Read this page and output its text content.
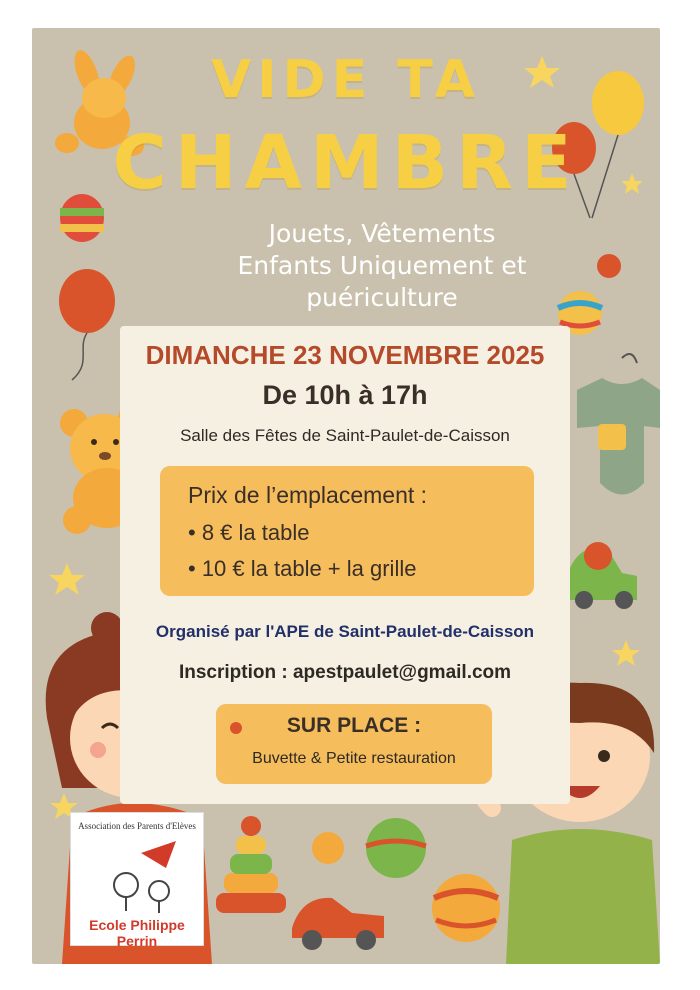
VIDE TA
CHAMBRE
Jouets, Vêtements
Enfants Uniquement et
puériculture
DIMANCHE 23 NOVEMBRE 2025
De 10h à 17h
Salle des Fêtes de Saint-Paulet-de-Caisson
Prix de l’emplacement :
• 8 € la table
• 10 € la table + la grille
Organisé par l'APE de Saint-Paulet-de-Caisson
Inscription : apestpaulet@gmail.com
SUR PLACE :
Buvette & Petite restauration
Association des Parents d'Elèves
Ecole Philippe Perrin
